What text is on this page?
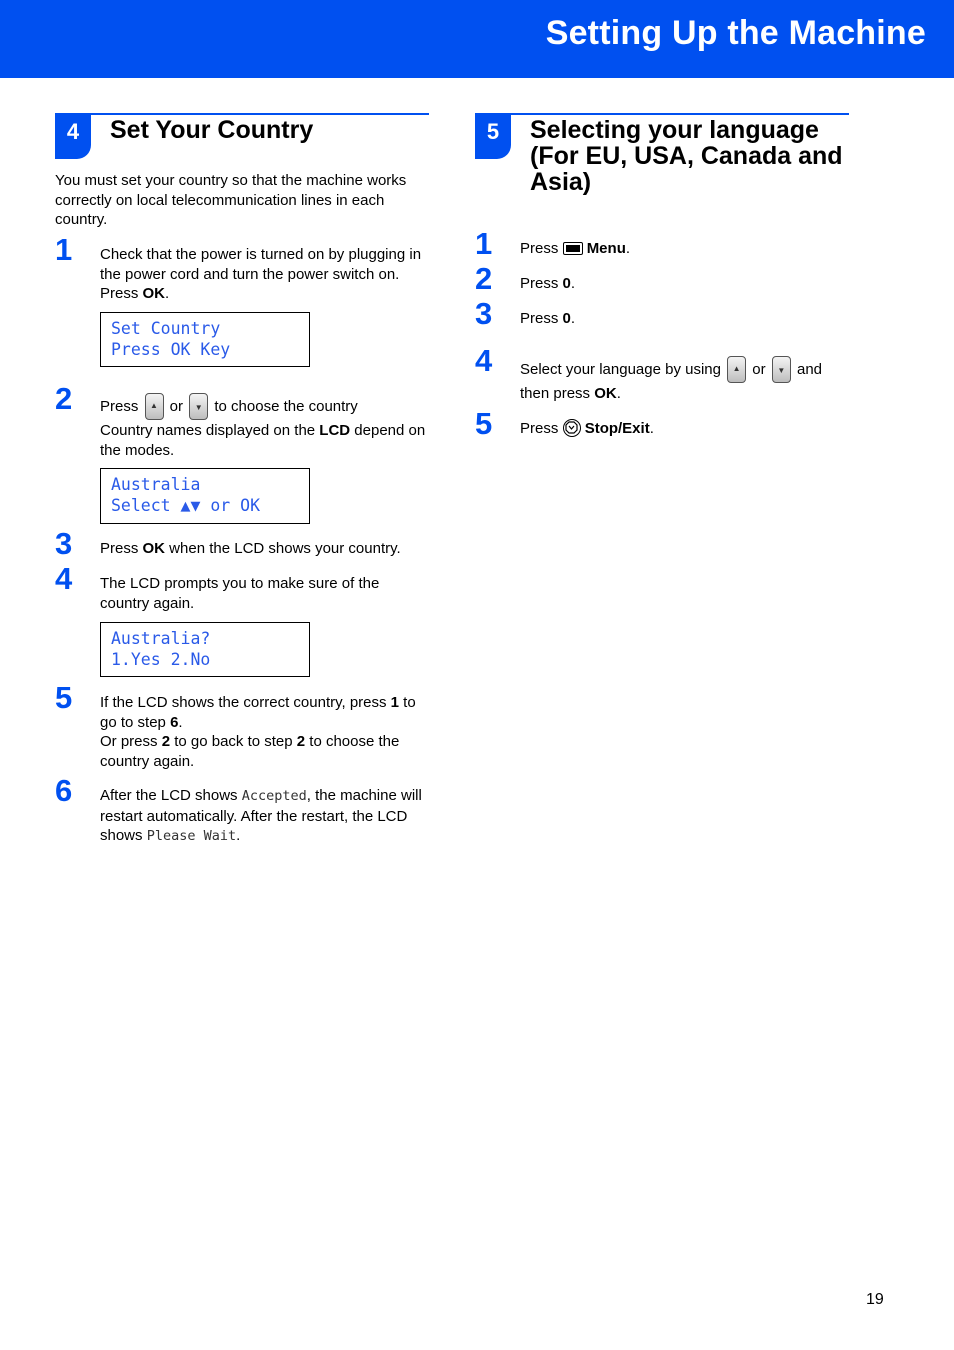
Setting Up the Machine
4	Set Your Country
You must set your country so that the machine works correctly on local telecommunication lines in each country.
1	Check that the power is turned on by plugging in the power cord and turn the power switch on. Press OK.
Set Country
Press OK Key
2	Press ▲ or ▼ to choose the country
Country names displayed on the LCD depend on the modes.
Australia
Select ▲▼ or OK
3	Press OK when the LCD shows your country.
4	The LCD prompts you to make sure of the country again.
Australia?
1.Yes 2.No
5	If the LCD shows the correct country, press 1 to go to step 6.
Or press 2 to go back to step 2 to choose the country again.
6	After the LCD shows Accepted, the machine will restart automatically. After the restart, the LCD shows Please Wait.
5	Selecting your language
(For EU, USA, Canada and
Asia)
1	Press  Menu.
2	Press 0.
3	Press 0.
4	Select your language by using ▲ or ▼ and
then press OK.
5	Press
Stop/Exit.
19
